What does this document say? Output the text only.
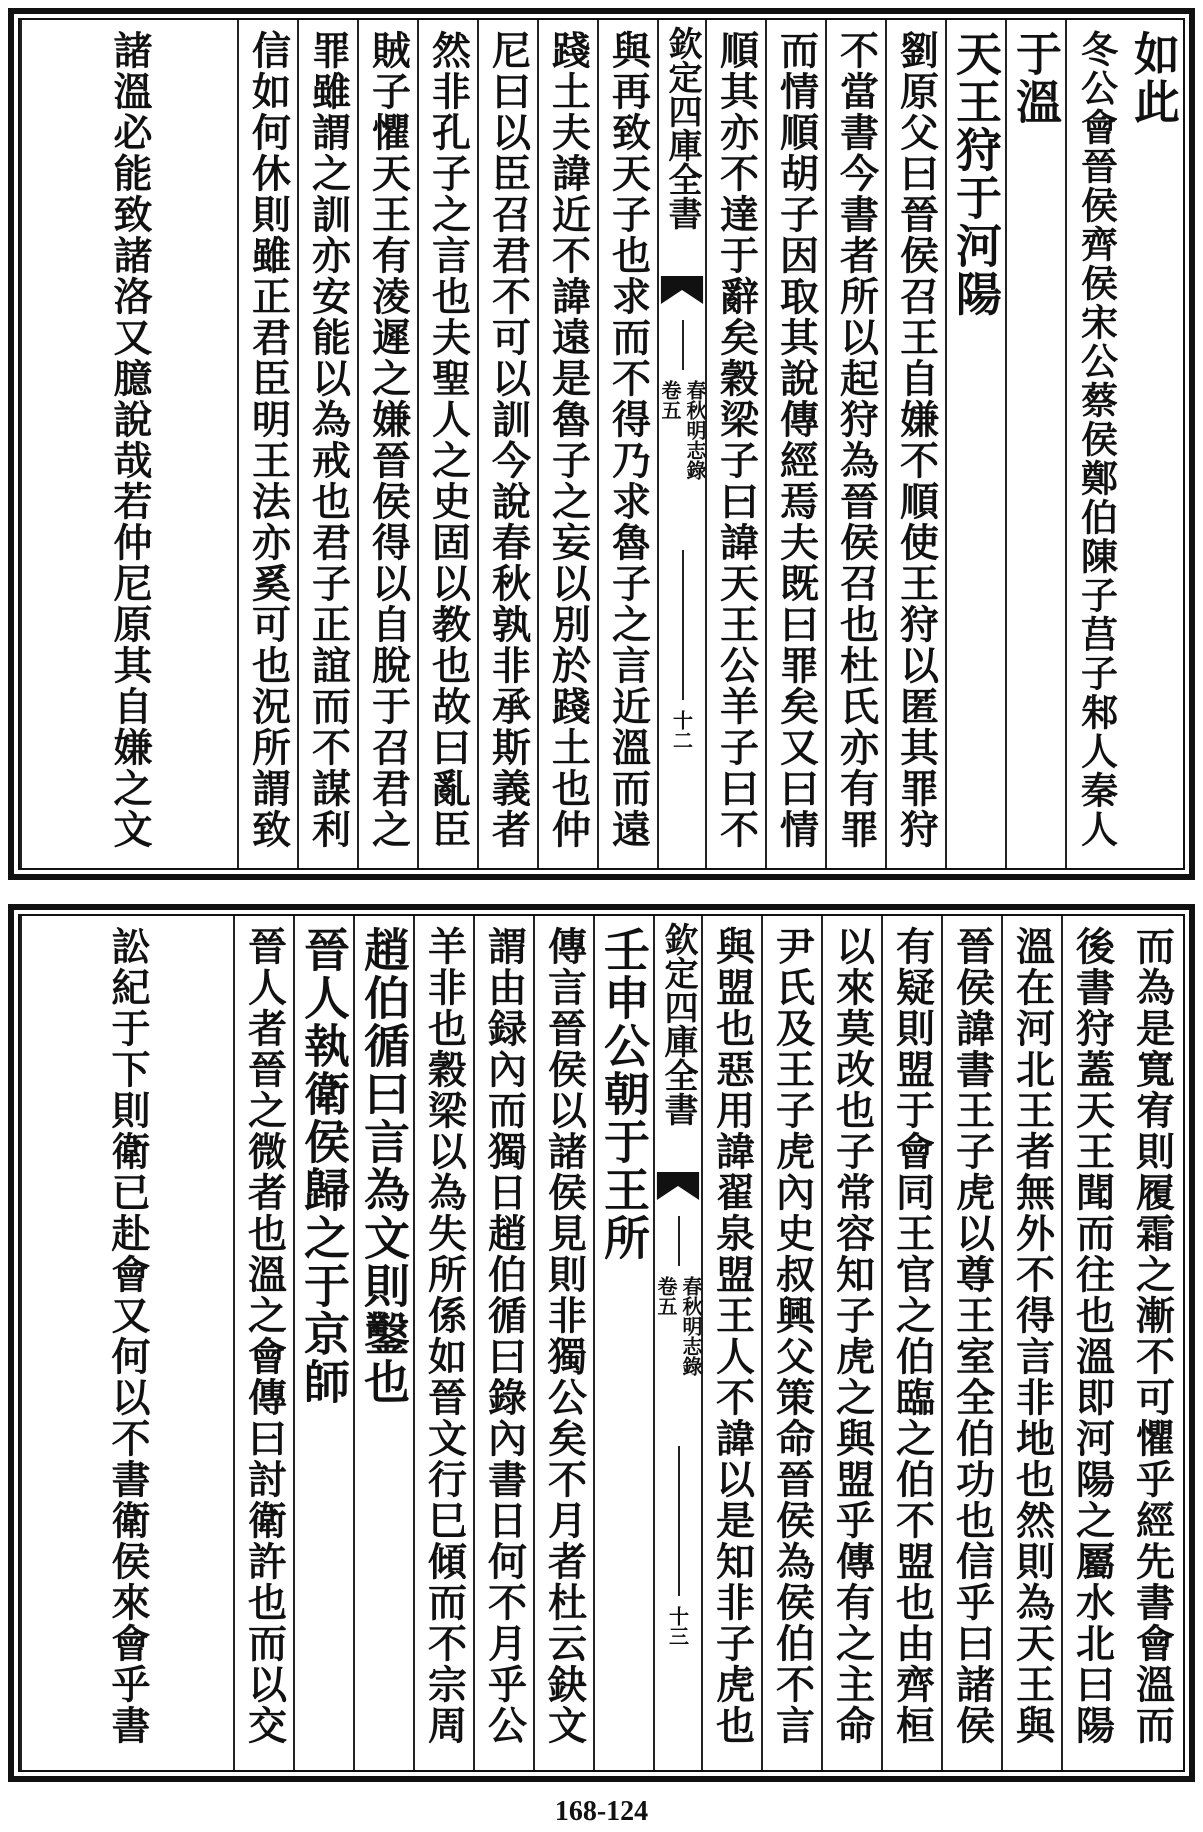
如此
冬公會晉侯齊侯宋公蔡侯鄭伯陳子莒子邾人秦人
于溫
天王狩于河陽
劉原父曰晉侯召王自嫌不順使王狩以匿其罪狩
不當書今書者所以起狩為晉侯召也杜氏亦有罪
而情順胡子因取其說傳經焉夫既曰罪矣又曰情
順其亦不達于辭矣穀梁子曰諱天王公羊子曰不
欽定四庫全書
春秋明志錄
卷五
十二
與再致天子也求而不得乃求魯子之言近溫而遠
踐土夫諱近不諱遠是魯子之妄以別於踐土也仲
尼曰以臣召君不可以訓今說春秋孰非承斯義者
然非孔子之言也夫聖人之史固以教也故曰亂臣
賊子懼天王有淩遲之嫌晉侯得以自脫于召君之
罪雖謂之訓亦安能以為戒也君子正誼而不謀利
信如何休則雖正君臣明王法亦奚可也況所謂致
諸溫必能致諸洛又臆說哉若仲尼原其自嫌之文
而為是寬宥則履霜之漸不可懼乎經先書會溫而
後書狩蓋天王聞而往也溫即河陽之屬水北曰陽
溫在河北王者無外不得言非地也然則為天王與
晉侯諱書王子虎以尊王室全伯功也信乎曰諸侯
有疑則盟于會同王官之伯臨之伯不盟也由齊桓
以來莫改也子常容知子虎之與盟乎傳有之主命
尹氏及王子虎內史叔興父策命晉侯為侯伯不言
與盟也惡用諱翟泉盟王人不諱以是知非子虎也
欽定四庫全書
春秋明志錄
卷五
十三
壬申公朝于王所
傳言晉侯以諸侯見則非獨公矣不月者杜云鈌文
謂由録內而獨日趙伯循曰錄內書日何不月乎公
羊非也穀梁以為失所係如晉文行巳傾而不宗周
趙伯循曰言為文則鑿也
晉人執衛侯歸之于京師
晉人者晉之微者也溫之會傳曰討衛許也而以交
訟紀于下則衛已赴會又何以不書衛侯來會乎書
168-124
